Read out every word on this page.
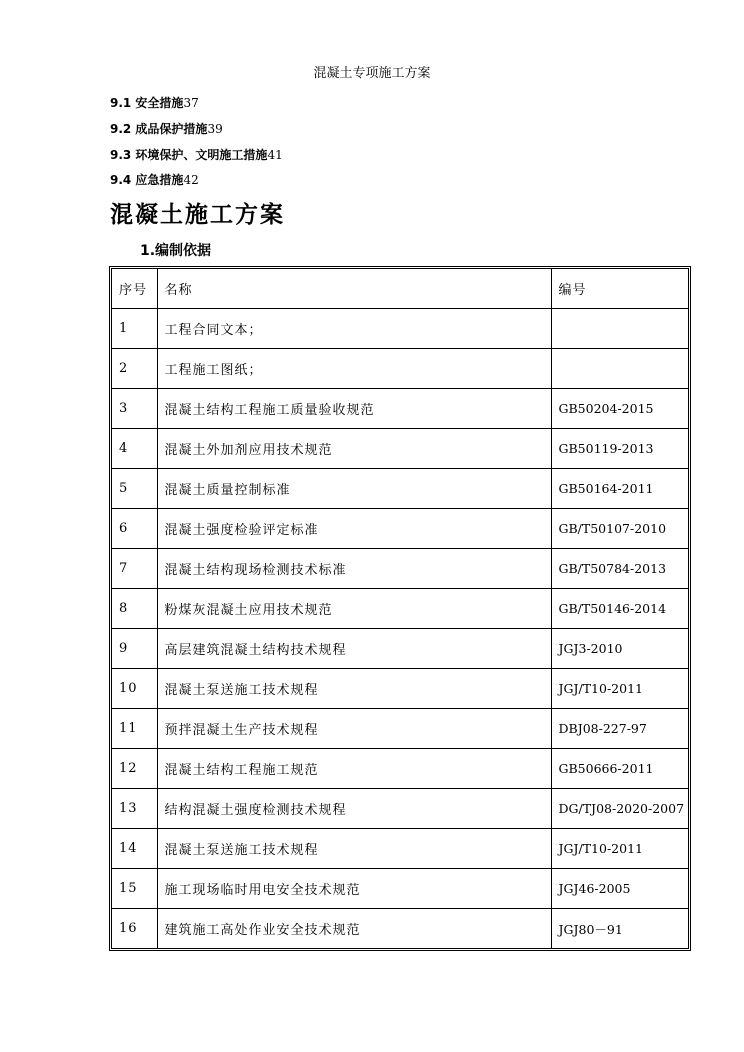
混凝土专项施工方案
9.1 安全措施37
9.2 成品保护措施39
9.3 环境保护、文明施工措施41
9.4 应急措施42
混凝土施工方案
1.编制依据
序号	名称	编号
1	工程合同文本；	
2	工程施工图纸；	
3	混凝土结构工程施工质量验收规范	GB50204-2015
4	混凝土外加剂应用技术规范	GB50119-2013
5	混凝土质量控制标准	GB50164-2011
6	混凝土强度检验评定标准	GB/T50107-2010
7	混凝土结构现场检测技术标准	GB/T50784-2013
8	粉煤灰混凝土应用技术规范	GB/T50146-2014
9	高层建筑混凝土结构技术规程	JGJ3-2010
10	混凝土泵送施工技术规程	JGJ/T10-2011
11	预拌混凝土生产技术规程	DBJ08-227-97
12	混凝土结构工程施工规范	GB50666-2011
13	结构混凝土强度检测技术规程	DG/TJ08-2020-2007
14	混凝土泵送施工技术规程	JGJ/T10-2011
15	施工现场临时用电安全技术规范	JGJ46-2005
16	建筑施工高处作业安全技术规范	JGJ80－91
